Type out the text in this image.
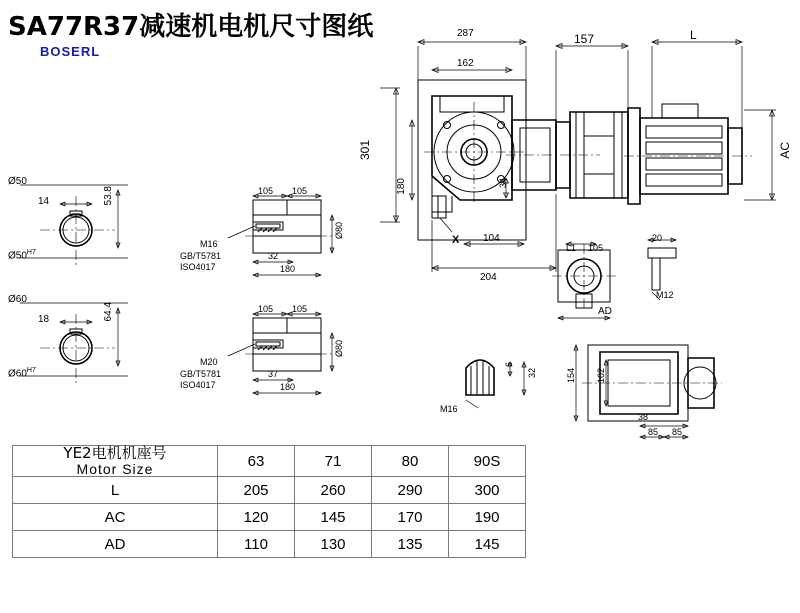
SA77R37减速机电机尺寸图纸
BOSERL
287
162
157	L
301
180	34
104
204
AC
X
Ø50
14	53.8
$Ø50^{H7}$
Ø60
18	64.4
$Ø60^{H7}$
105 105
32
180
Ø80
M16
GB/T5781
ISO4017
105 105
37
180
Ø80
M20
GB/T5781
ISO4017
M16
6
32
L1 105
AD
20
M12
154 102
38
85 85
YE2电机机座号
Motor Size	63	71	80	90S
L	205	260	290	300
AC	120	145	170	190
AD	110	130	135	145
